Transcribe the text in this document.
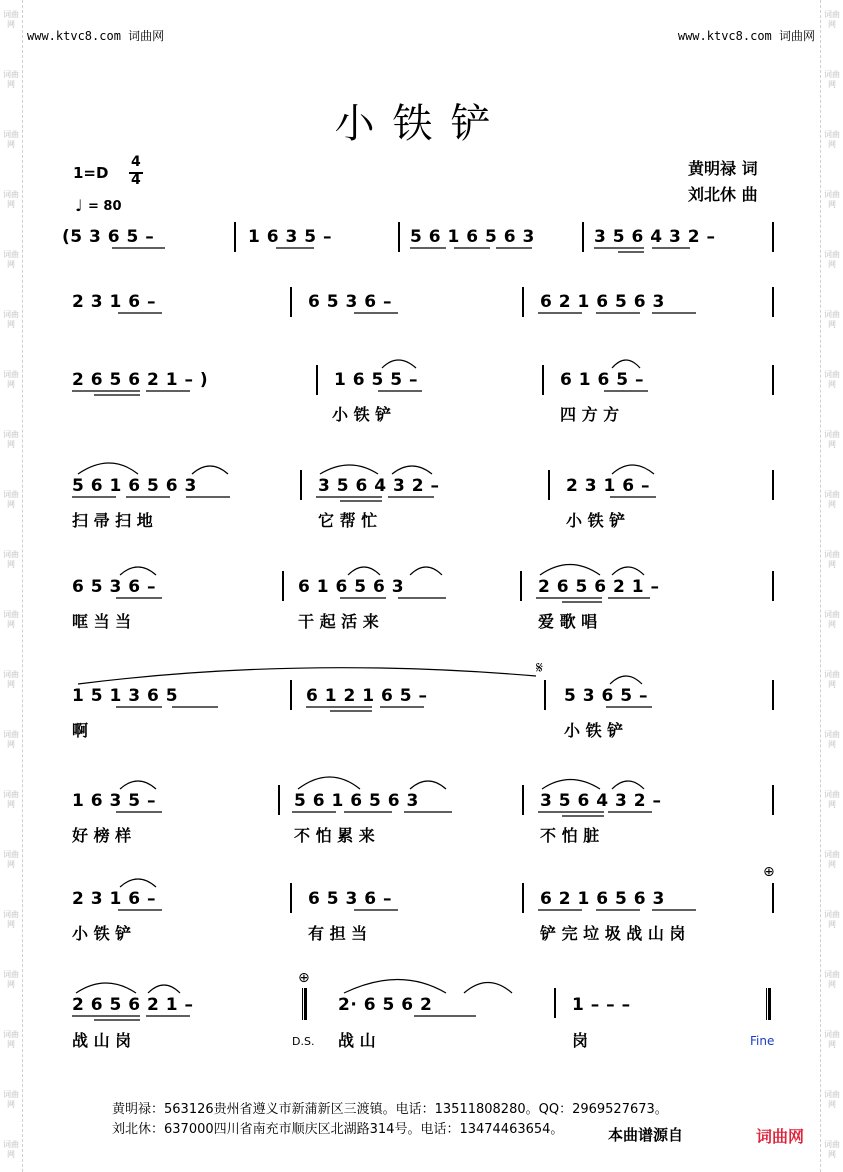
词曲网
词曲网
词曲网
词曲网
词曲网
词曲网
词曲网
词曲网
词曲网
词曲网
词曲网
词曲网
词曲网
词曲网
词曲网
词曲网
词曲网
词曲网
词曲网
词曲网
词曲网
词曲网
词曲网
词曲网
词曲网
词曲网
词曲网
词曲网
词曲网
词曲网
词曲网
词曲网
词曲网
词曲网
词曲网
词曲网
词曲网
词曲网
词曲网
词曲网
www.ktvc8.com 词曲网	www.ktvc8.com 词曲网
小铁铲
1=D
4
4
♩ = 80
黄明禄 词
刘北休 曲
(5 3 6 5 –	1 6 3 5 –	5 6 1 6 5 6 3	3 5 6 4 3 2 –
2 3 1 6 –	6 5 3 6 –	6 2 1 6 5 6 3
2 6 5 6 2 1 – )	1 6 5 5 –
小 铁 铲
6 1 6 5 –
四 方 方
5 6 1 6 5 6 3
扫 帚 扫 地
3 5 6 4 3 2 –
它 帮 忙
2 3 1 6 –
小 铁 铲
6 5 3 6 –
哐 当 当
6 1 6 5 6 3
干 起 活 来
2 6 5 6 2 1 –
爱 歌 唱
1 5 1 3 6 5
啊
6 1 2 1 6 5 –
𝄋
5 3 6 5 –
小 铁 铲
1 6 3 5 –
好 榜 样
5 6 1 6 5 6 3
不 怕 累 来
3 5 6 4 3 2 –
不 怕 脏
2 3 1 6 –
小 铁 铲
6 5 3 6 –
有 担 当
6 2 1 6 5 6 3
铲 完 垃 圾 战 山 岗
⊕
2 6 5 6 2 1 –
战 山 岗
⊕
D.S.
2· 6 5 6 2
战 山
1 – – –
岗	Fine
黄明禄：563126贵州省遵义市新蒲新区三渡镇。电话：13511808280。QQ：2969527673。
刘北休：637000四川省南充市顺庆区北湖路314号。电话：13474463654。	本曲谱源自	词曲网
